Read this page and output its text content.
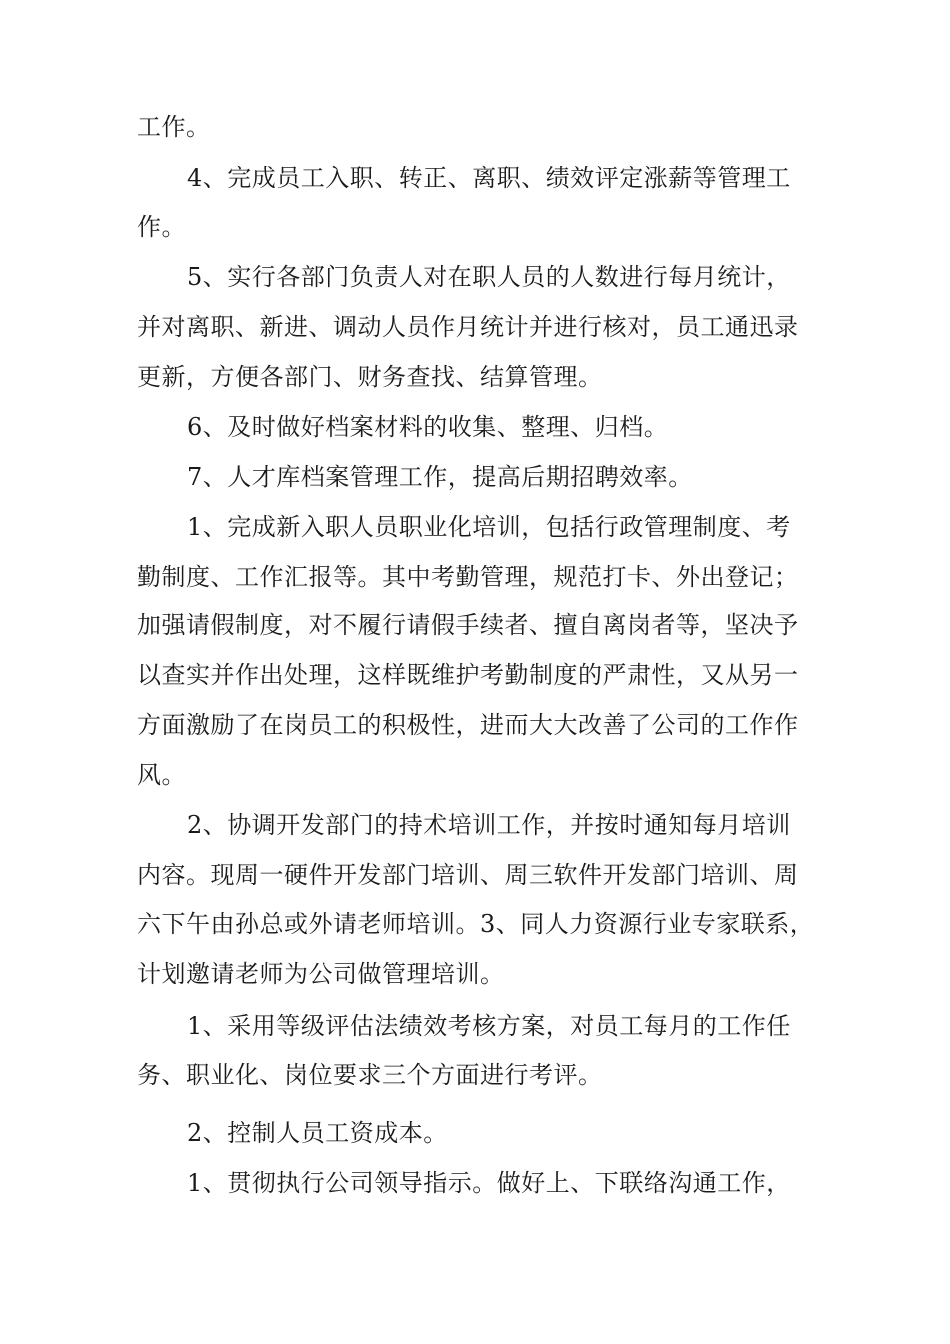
工作。

4、完成员工入职、转正、离职、绩效评定涨薪等管理工

作。

5、实行各部门负责人对在职人员的人数进行每月统计，

并对离职、新进、调动人员作月统计并进行核对，员工通迅录

更新，方便各部门、财务查找、结算管理。

6、及时做好档案材料的收集、整理、归档。

7、人才库档案管理工作，提高后期招聘效率。

1、完成新入职人员职业化培训，包括行政管理制度、考

勤制度、工作汇报等。其中考勤管理，规范打卡、外出登记；

加强请假制度，对不履行请假手续者、擅自离岗者等，坚决予

以查实并作出处理，这样既维护考勤制度的严肃性，又从另一

方面激励了在岗员工的积极性，进而大大改善了公司的工作作

风。

2、协调开发部门的持术培训工作，并按时通知每月培训

内容。现周一硬件开发部门培训、周三软件开发部门培训、周

六下午由孙总或外请老师培训。3、同人力资源行业专家联系，

计划邀请老师为公司做管理培训。

1、采用等级评估法绩效考核方案，对员工每月的工作任

务、职业化、岗位要求三个方面进行考评。

2、控制人员工资成本。

1、贯彻执行公司领导指示。做好上、下联络沟通工作，
